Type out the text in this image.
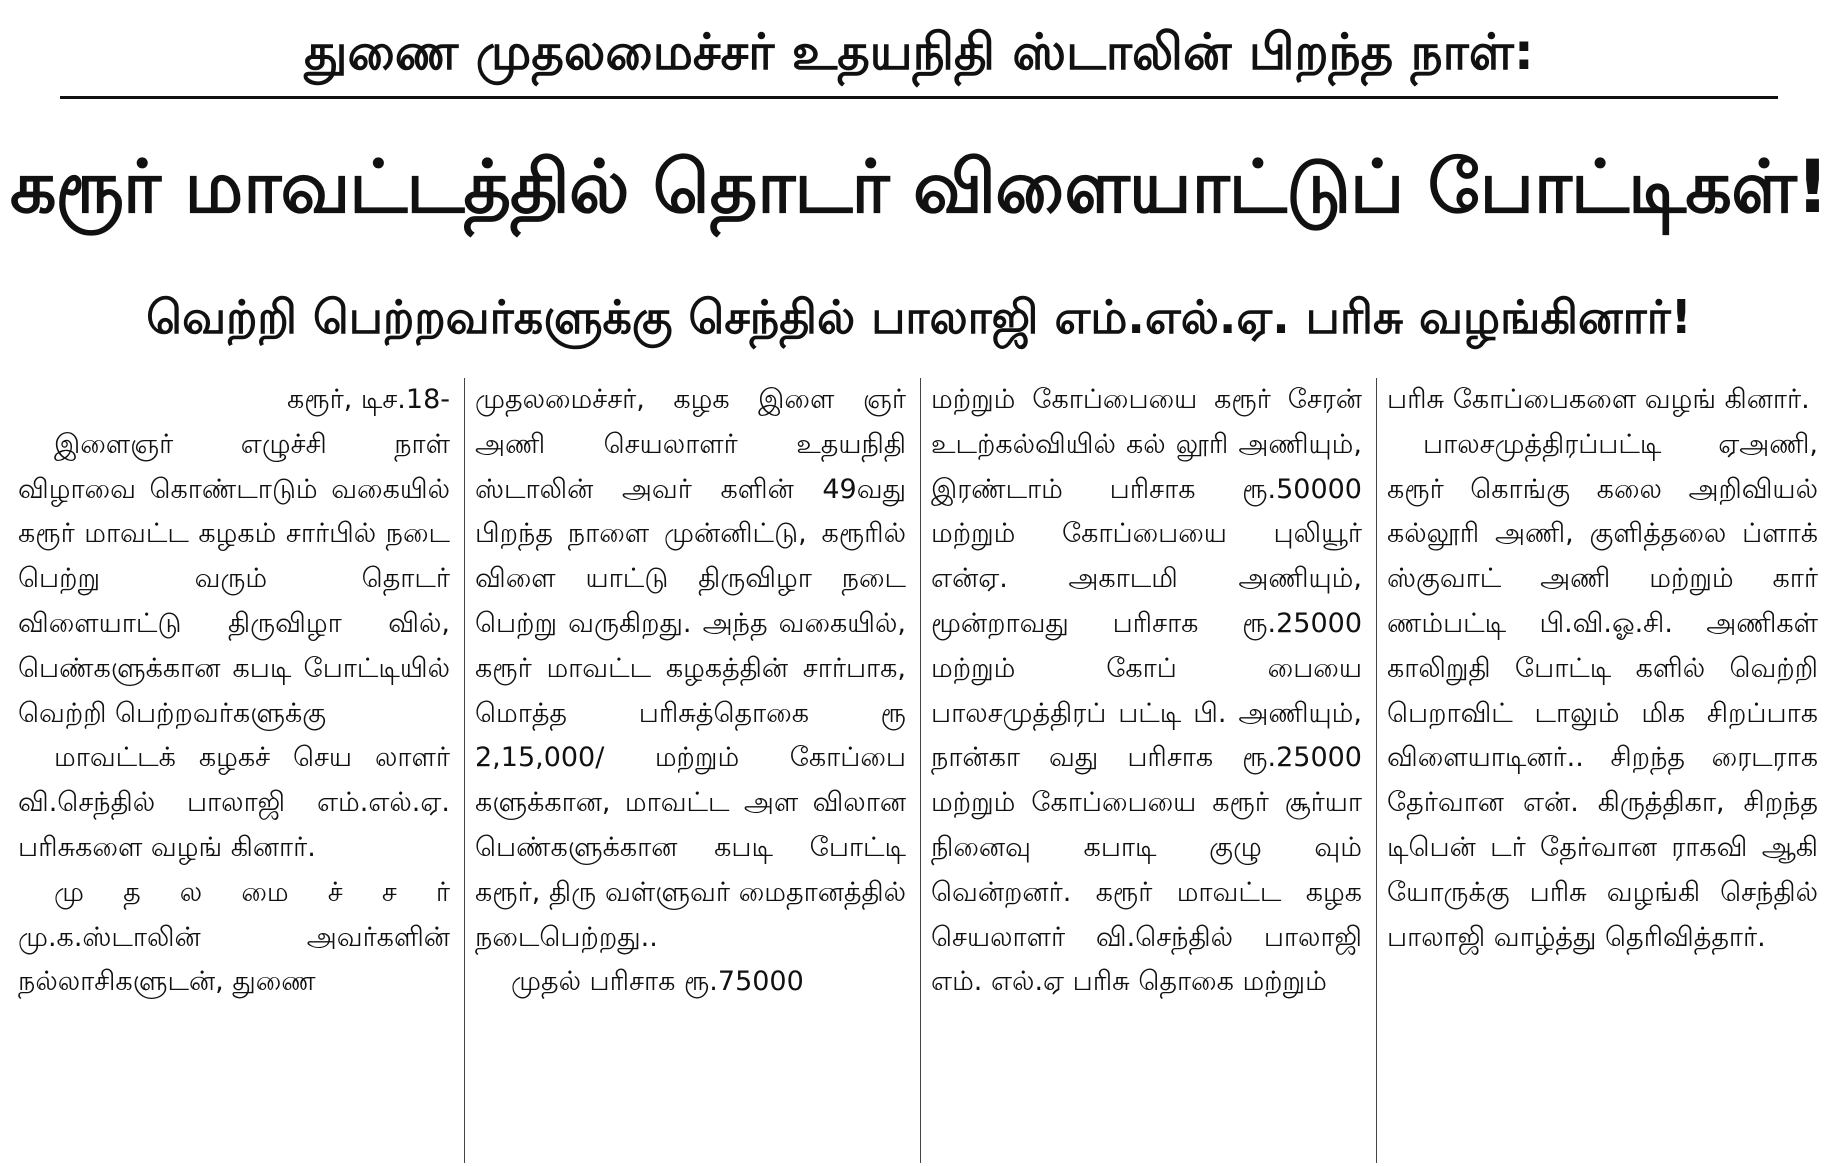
துணை முதலமைச்சர் உதயநிதி ஸ்டாலின் பிறந்த நாள்:
கரூர் மாவட்டத்தில் தொடர் விளையாட்டுப் போட்டிகள்!
வெற்றி பெற்றவர்களுக்கு செந்தில் பாலாஜி எம்.எல்.ஏ. பரிசு வழங்கினார்!

கரூர், டிச.18-

இளைஞர் எழுச்சி நாள் விழாவை கொண்டாடும் வகையில் கரூர் மாவட்ட கழகம் சார்பில் நடை பெற்று வரும் தொடர் விளையாட்டு திருவிழா வில், பெண்களுக்கான கபடி போட்டியில் வெற்றி பெற்றவர்களுக்கு

மாவட்டக் கழகச் செய லாளர் வி.செந்தில் பாலாஜி எம்.எல்.ஏ. பரிசுகளை வழங் கினார்.

மு த ல மை ச் ச ர் மு.க.ஸ்டாலின் அவர்களின் நல்லாசிகளுடன், துணை

முதலமைச்சர், கழக இளை ஞர் அணி செயலாளர் உதயநிதி ஸ்டாலின் அவர் களின் 49வது பிறந்த நாளை முன்னிட்டு, கரூரில் விளை யாட்டு திருவிழா நடை பெற்று வருகிறது. அந்த வகையில், கரூர் மாவட்ட கழகத்தின் சார்பாக, மொத்த பரிசுத்தொகை ரூ 2,15,000/ மற்றும் கோப்பை களுக்கான, மாவட்ட அள விலான பெண்களுக்கான கபடி போட்டி கரூர், திரு வள்ளுவர் மைதானத்தில் நடைபெற்றது..

முதல் பரிசாக ரூ.75000

மற்றும் கோப்பையை கரூர் சேரன் உடற்கல்வியில் கல் லூரி அணியும், இரண்டாம் பரிசாக ரூ.50000 மற்றும் கோப்பையை புலியூர் என்ஏ. அகாடமி அணியும், மூன்றாவது பரிசாக ரூ.25000 மற்றும் கோப் பையை பாலசமுத்திரப் பட்டி பி. அணியும், நான்கா வது பரிசாக ரூ.25000 மற்றும் கோப்பையை கரூர் சூர்யா நினைவு கபாடி குழு வும் வென்றனர். கரூர் மாவட்ட கழக செயலாளர் வி.செந்தில் பாலாஜி எம். எல்.ஏ பரிசு தொகை மற்றும்

பரிசு கோப்பைகளை வழங் கினார்.

பாலசமுத்திரப்பட்டி ஏஅணி, கரூர் கொங்கு கலை அறிவியல் கல்லூரி அணி, குளித்தலை ப்ளாக் ஸ்குவாட் அணி மற்றும் கார் ணம்பட்டி பி.வி.ஓ.சி. அணிகள் காலிறுதி போட்டி களில் வெற்றி பெறாவிட் டாலும் மிக சிறப்பாக விளையாடினர்.. சிறந்த ரைடராக தேர்வான என். கிருத்திகா, சிறந்த டிபென் டர் தேர்வான ராகவி ஆகி யோருக்கு பரிசு வழங்கி செந்தில் பாலாஜி வாழ்த்து தெரிவித்தார்.
